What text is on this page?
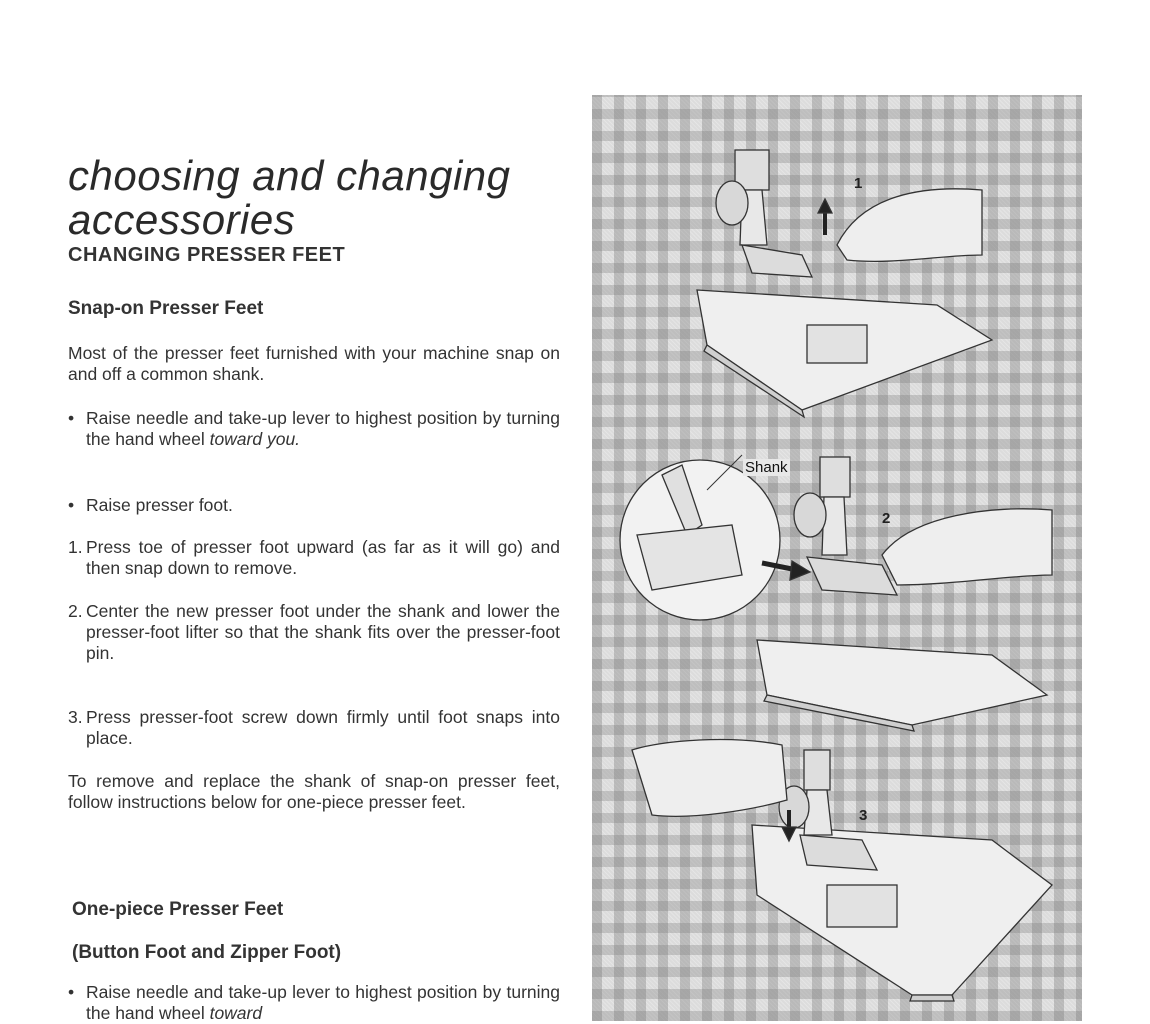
choosing and changing accessories
CHANGING PRESSER FEET
Snap-on Presser Feet
Most of the presser feet furnished with your machine snap on and off a common shank.
• Raise needle and take-up lever to highest position by turning the hand wheel toward you.
• Raise presser foot.
1. Press toe of presser foot upward (as far as it will go) and then snap down to remove.
2. Center the new presser foot under the shank and lower the presser-foot lifter so that the shank fits over the presser-foot pin.
3. Press presser-foot screw down firmly until foot snaps into place.
To remove and replace the shank of snap-on presser feet, follow instructions below for one-piece presser feet.
One-piece Presser Feet
(Button Foot and Zipper Foot)
• Raise needle and take-up lever to highest position by turning the hand wheel toward
1
2
3
Shank
